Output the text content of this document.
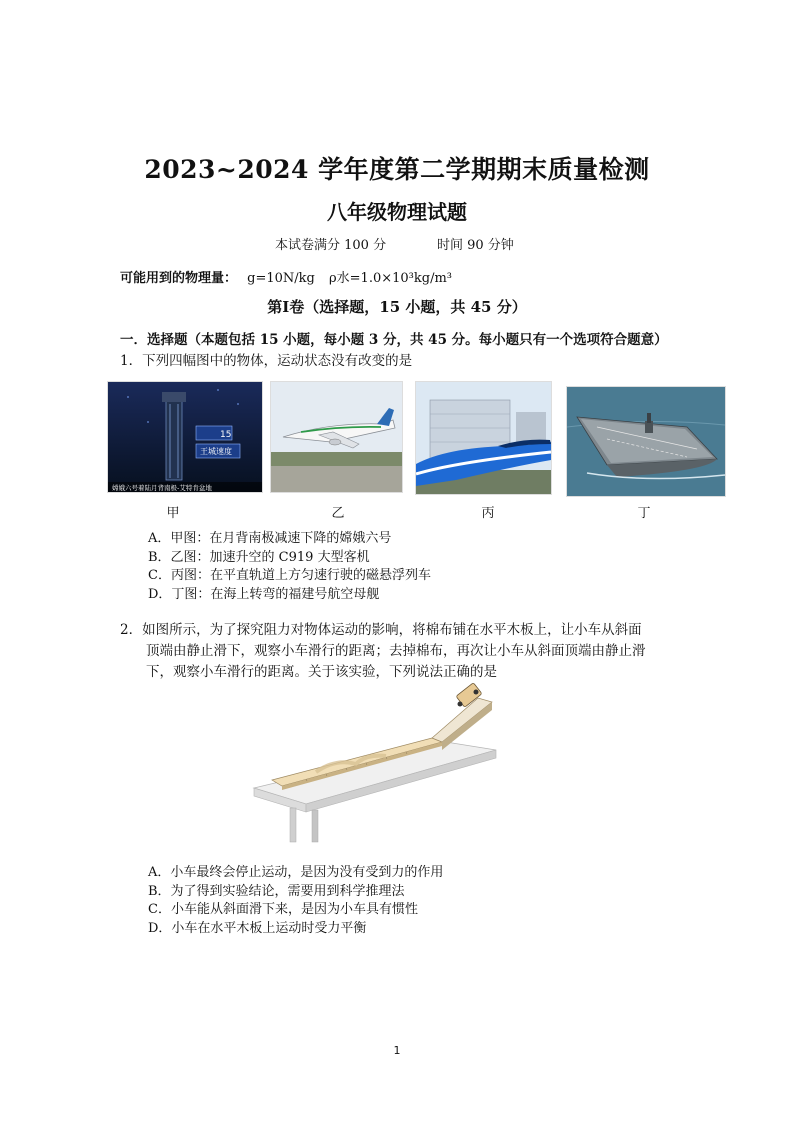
2023~2024 学年度第二学期期末质量检测
八年级物理试题
本试卷满分 100 分	时间 90 分钟
可能用到的物理量： g=10N/kg ρ水=1.0×10³kg/m³
第Ⅰ卷（选择题，15 小题，共 45 分）
一．选择题（本题包括 15 小题，每小题 3 分，共 45 分。每小题只有一个选项符合题意）
1．下列四幅图中的物体，运动状态没有改变的是
15
王城速度
嫦娥六号着陆月背南极-艾特肯盆地
甲	乙	丙	丁
A．甲图：在月背南极减速下降的嫦娥六号
B．乙图：加速升空的 C919 大型客机
C．丙图：在平直轨道上方匀速行驶的磁悬浮列车
D．丁图：在海上转弯的福建号航空母舰
2．如图所示，为了探究阻力对物体运动的影响，将棉布铺在水平木板上，让小车从斜面
顶端由静止滑下，观察小车滑行的距离；去掉棉布，再次让小车从斜面顶端由静止滑
下，观察小车滑行的距离。关于该实验，下列说法正确的是
A．小车最终会停止运动，是因为没有受到力的作用
B．为了得到实验结论，需要用到科学推理法
C．小车能从斜面滑下来，是因为小车具有惯性
D．小车在水平木板上运动时受力平衡
1
